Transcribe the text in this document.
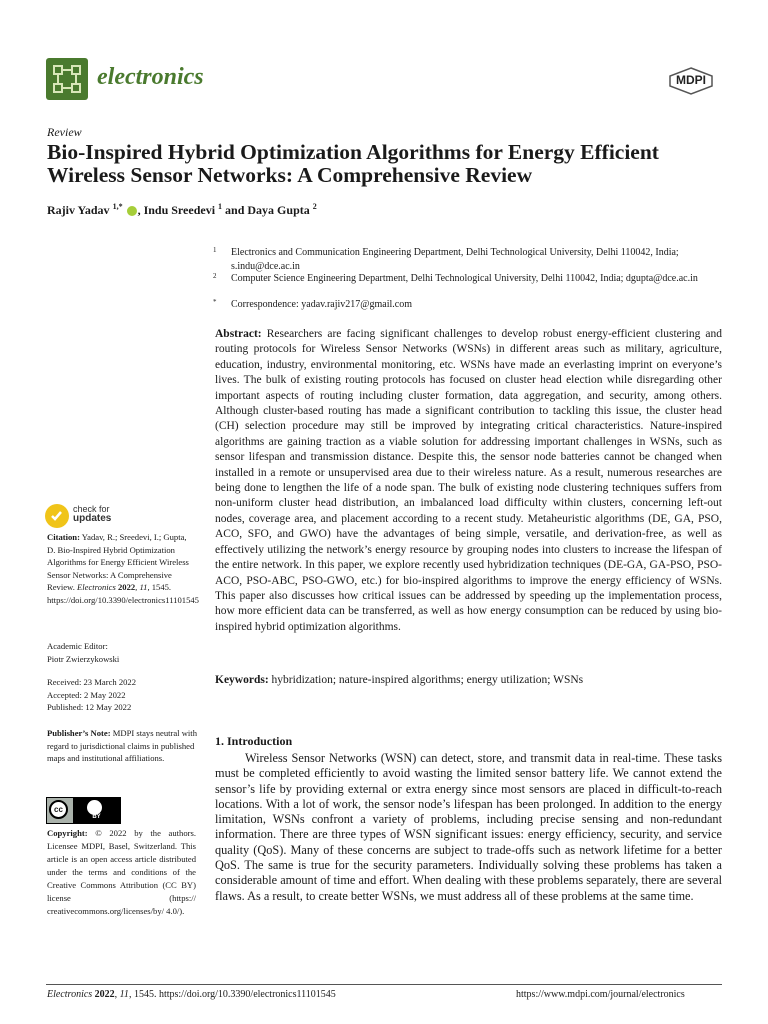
electronics	MDPI
Review
Bio-Inspired Hybrid Optimization Algorithms for Energy Efficient Wireless Sensor Networks: A Comprehensive Review
Rajiv Yadav $^{1,*}$ , Indu Sreedevi $^1$ and Daya Gupta $^2$
1 Electronics and Communication Engineering Department, Delhi Technological University, Delhi 110042, India; s.indu@dce.ac.in
2 Computer Science Engineering Department, Delhi Technological University, Delhi 110042, India; dgupta@dce.ac.in
* Correspondence: yadav.rajiv217@gmail.com
Abstract: Researchers are facing significant challenges to develop robust energy-efficient clustering and routing protocols for Wireless Sensor Networks (WSNs) in different areas such as military, agriculture, education, industry, environmental monitoring, etc. WSNs have made an everlasting imprint on everyone’s lives. The bulk of existing routing protocols has focused on cluster head election while disregarding other important aspects of routing including cluster formation, data aggregation, and security, among others. Although cluster-based routing has made a significant contribution to tackling this issue, the cluster head (CH) selection procedure may still be improved by integrating critical characteristics. Nature-inspired algorithms are gaining traction as a viable solution for addressing important challenges in WSNs, such as sensor lifespan and transmission distance. Despite this, the sensor node batteries cannot be changed when installed in a remote or unsupervised area due to their wireless nature. As a result, numerous researches are being done to lengthen the life of a node span. The bulk of existing node clustering techniques suffers from non-uniform cluster head distribution, an imbalanced load difficulty within clusters, concerning left-out nodes, coverage area, and placement according to a recent study. Metaheuristic algorithms (DE, GA, PSO, ACO, SFO, and GWO) have the advantages of being simple, versatile, and derivation-free, as well as effectively utilizing the network’s energy resource by grouping nodes into clusters to increase the lifespan of the entire network. In this paper, we explore recently used hybridization techniques (DE-GA, GA-PSO, PSO-ACO, PSO-ABC, PSO-GWO, etc.) for bio-inspired algorithms to improve the energy efficiency of WSNs. This paper also discusses how critical issues can be addressed by speeding up the implementation process, how more efficient data can be transferred, as well as how energy consumption can be reduced by using bio-inspired hybrid optimization algorithms.
Keywords: hybridization; nature-inspired algorithms; energy utilization; WSNs
1. Introduction
Wireless Sensor Networks (WSN) can detect, store, and transmit data in real-time. These tasks must be completed efficiently to avoid wasting the limited sensor battery life. We cannot extend the sensor’s life by providing external or extra energy since most sensors are placed in difficult-to-reach locations. With a lot of work, the sensor node’s lifespan has been prolonged. In addition to the energy limitation, WSNs confront a variety of problems, including precise sensing and non-redundant information. There are three types of WSN significant issues: energy efficiency, security, and service quality (QoS). Many of these concerns are subject to trade-offs such as network lifetime for a better QoS. The same is true for the security parameters. Individually solving these problems has taken a considerable amount of time and effort. When dealing with these problems separately, there are several flaws. As a result, to create better WSNs, we must address all of these problems at the same time.
check for
updates
Citation: Yadav, R.; Sreedevi, I.; Gupta, D. Bio-Inspired Hybrid Optimization Algorithms for Energy Efficient Wireless Sensor Networks: A Comprehensive Review. Electronics 2022, 11, 1545. https://doi.org/10.3390/electronics11101545
Academic Editor:
Piotr Zwierzykowski
Received: 23 March 2022
Accepted: 2 May 2022
Published: 12 May 2022
Publisher’s Note: MDPI stays neutral with regard to jurisdictional claims in published maps and institutional affiliations.
cc
BY
Copyright: © 2022 by the authors. Licensee MDPI, Basel, Switzerland. This article is an open access article distributed under the terms and conditions of the Creative Commons Attribution (CC BY) license (https:// creativecommons.org/licenses/by/ 4.0/).
Electronics 2022, 11, 1545. https://doi.org/10.3390/electronics11101545	https://www.mdpi.com/journal/electronics
